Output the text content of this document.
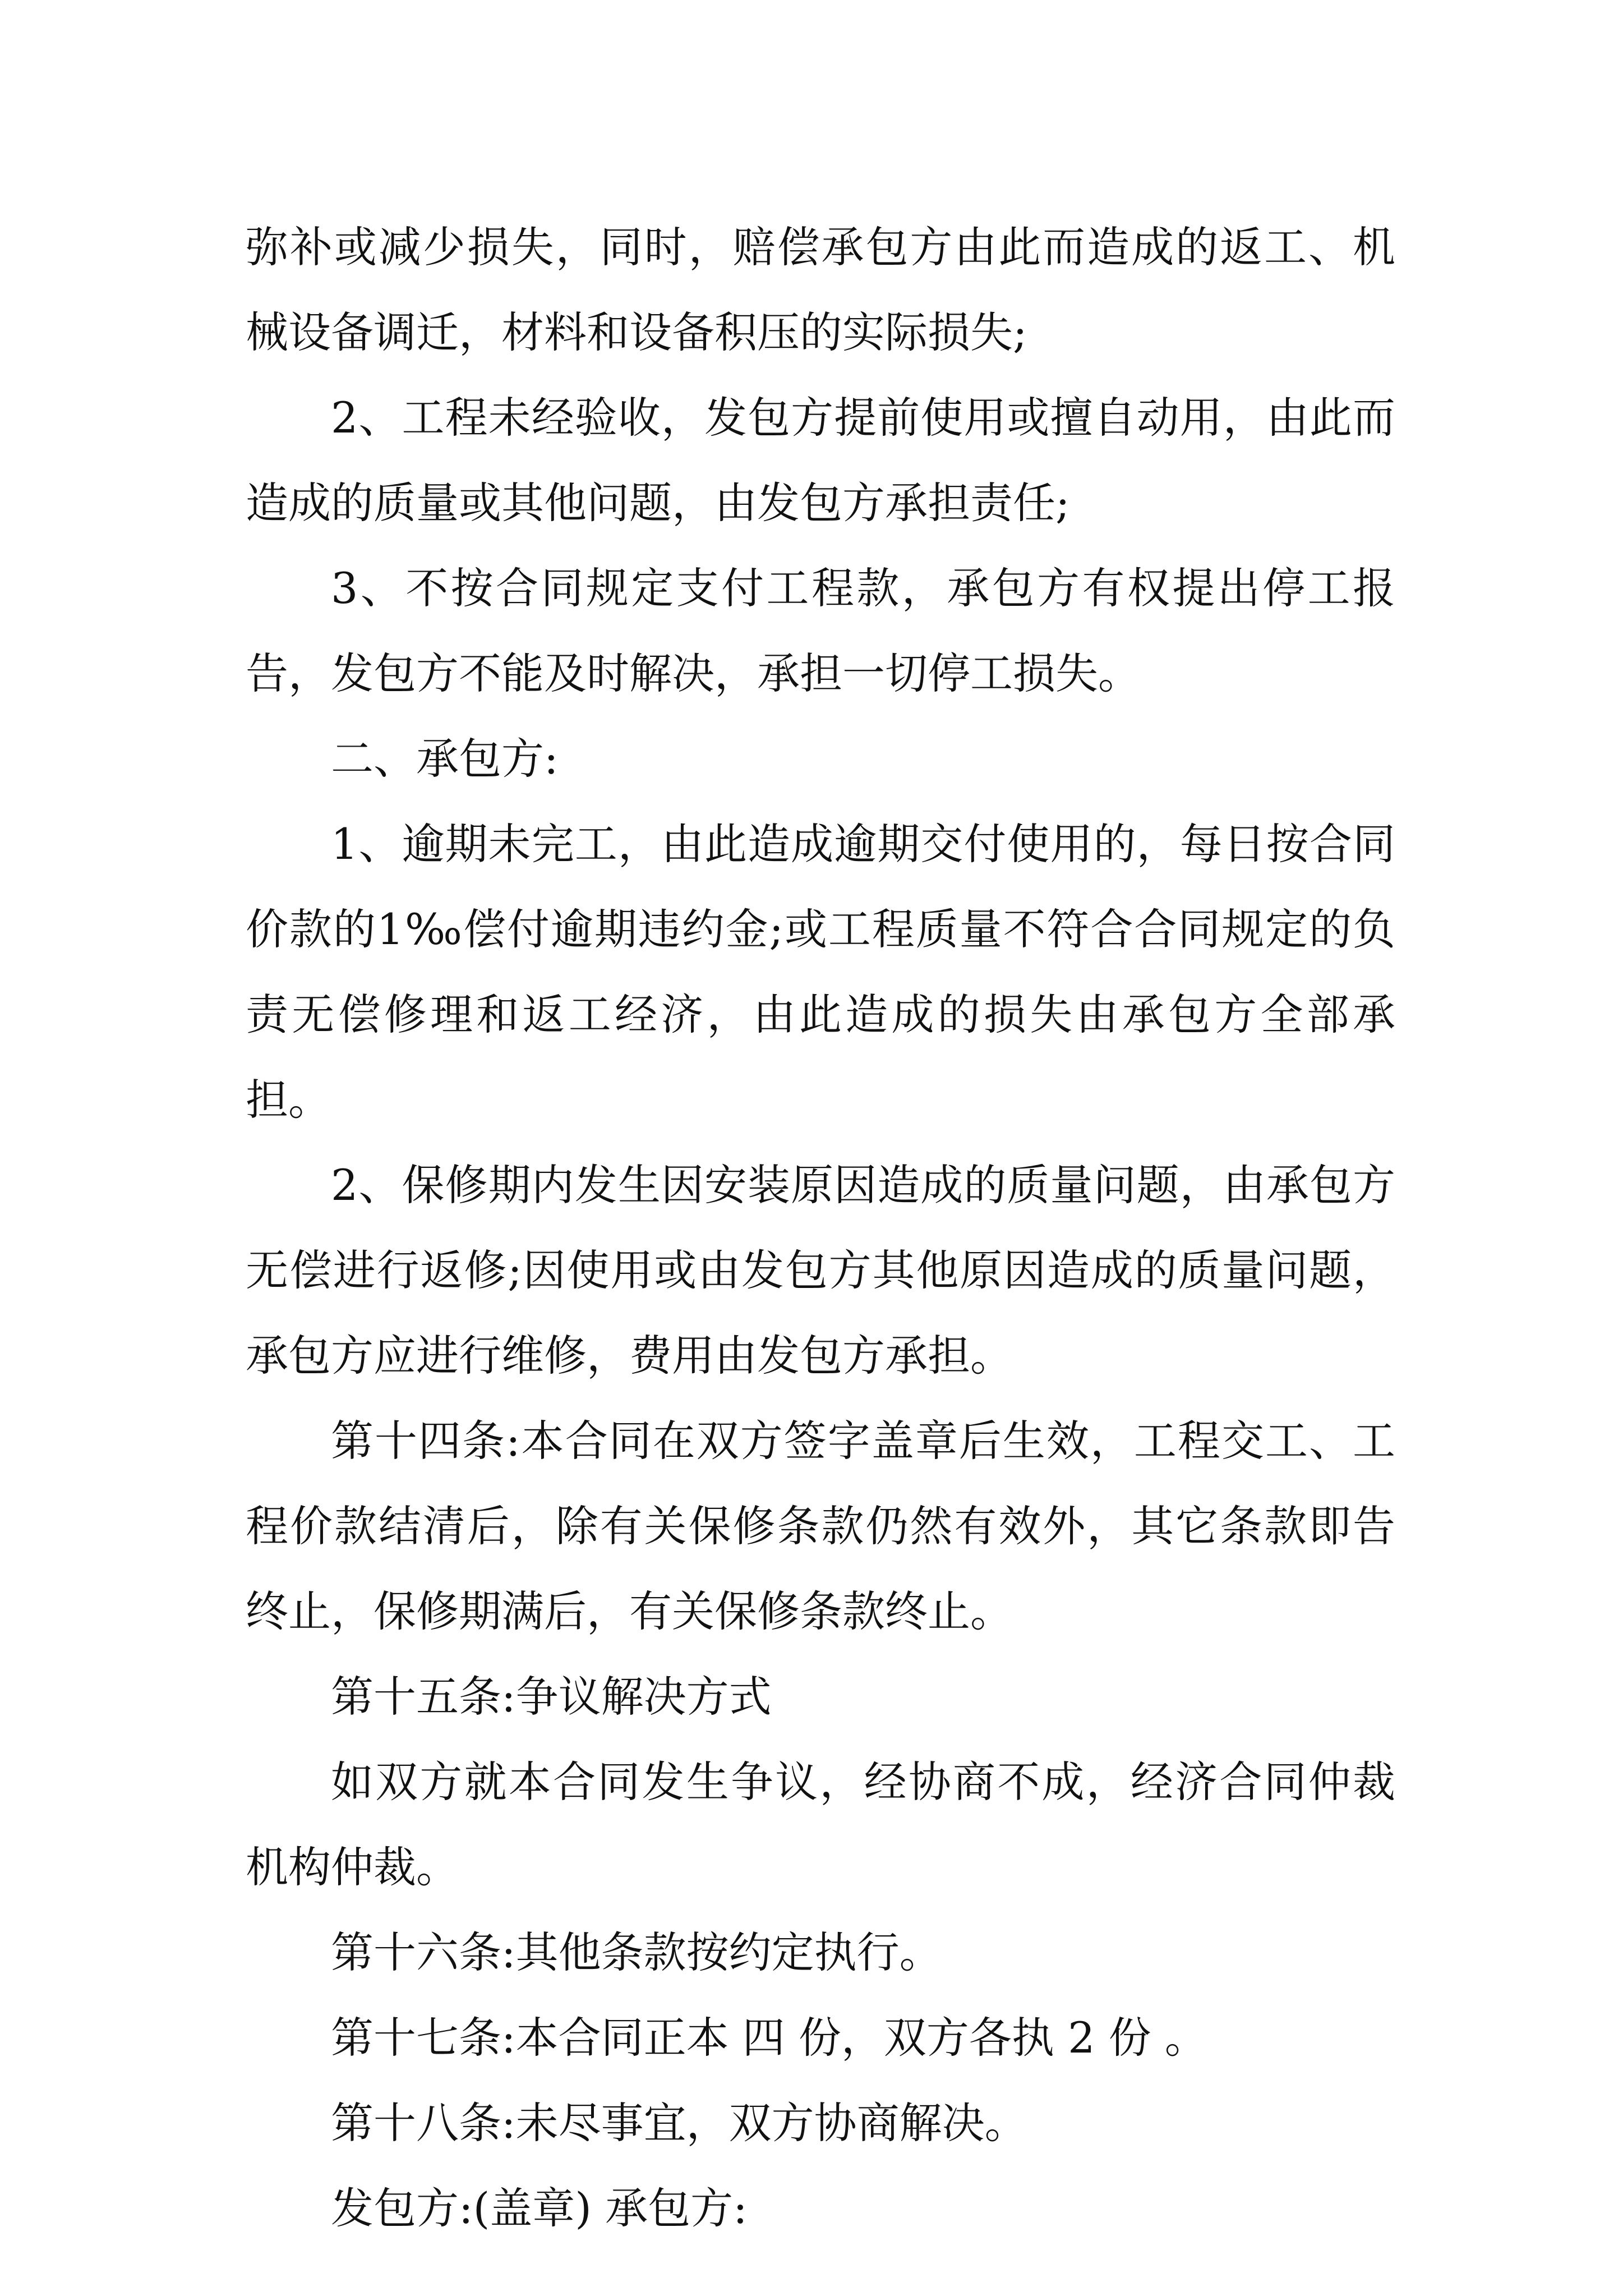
弥补或减少损失，同时，赔偿承包方由此而造成的返工、机械设备调迁，材料和设备积压的实际损失;

2、工程未经验收，发包方提前使用或擅自动用，由此而造成的质量或其他问题，由发包方承担责任;

3、不按合同规定支付工程款，承包方有权提出停工报告，发包方不能及时解决，承担一切停工损失。

二、承包方:

1、逾期未完工，由此造成逾期交付使用的，每日按合同价款的1‰偿付逾期违约金;或工程质量不符合合同规定的负责无偿修理和返工经济，由此造成的损失由承包方全部承担。

2、保修期内发生因安装原因造成的质量问题，由承包方无偿进行返修;因使用或由发包方其他原因造成的质量问题，承包方应进行维修，费用由发包方承担。

第十四条:本合同在双方签字盖章后生效，工程交工、工程价款结清后，除有关保修条款仍然有效外，其它条款即告终止，保修期满后，有关保修条款终止。

第十五条:争议解决方式

如双方就本合同发生争议，经协商不成，经济合同仲裁机构仲裁。

第十六条:其他条款按约定执行。

第十七条:本合同正本 四 份，双方各执 2 份 。

第十八条:未尽事宜，双方协商解决。

发包方:(盖章) 承包方:
